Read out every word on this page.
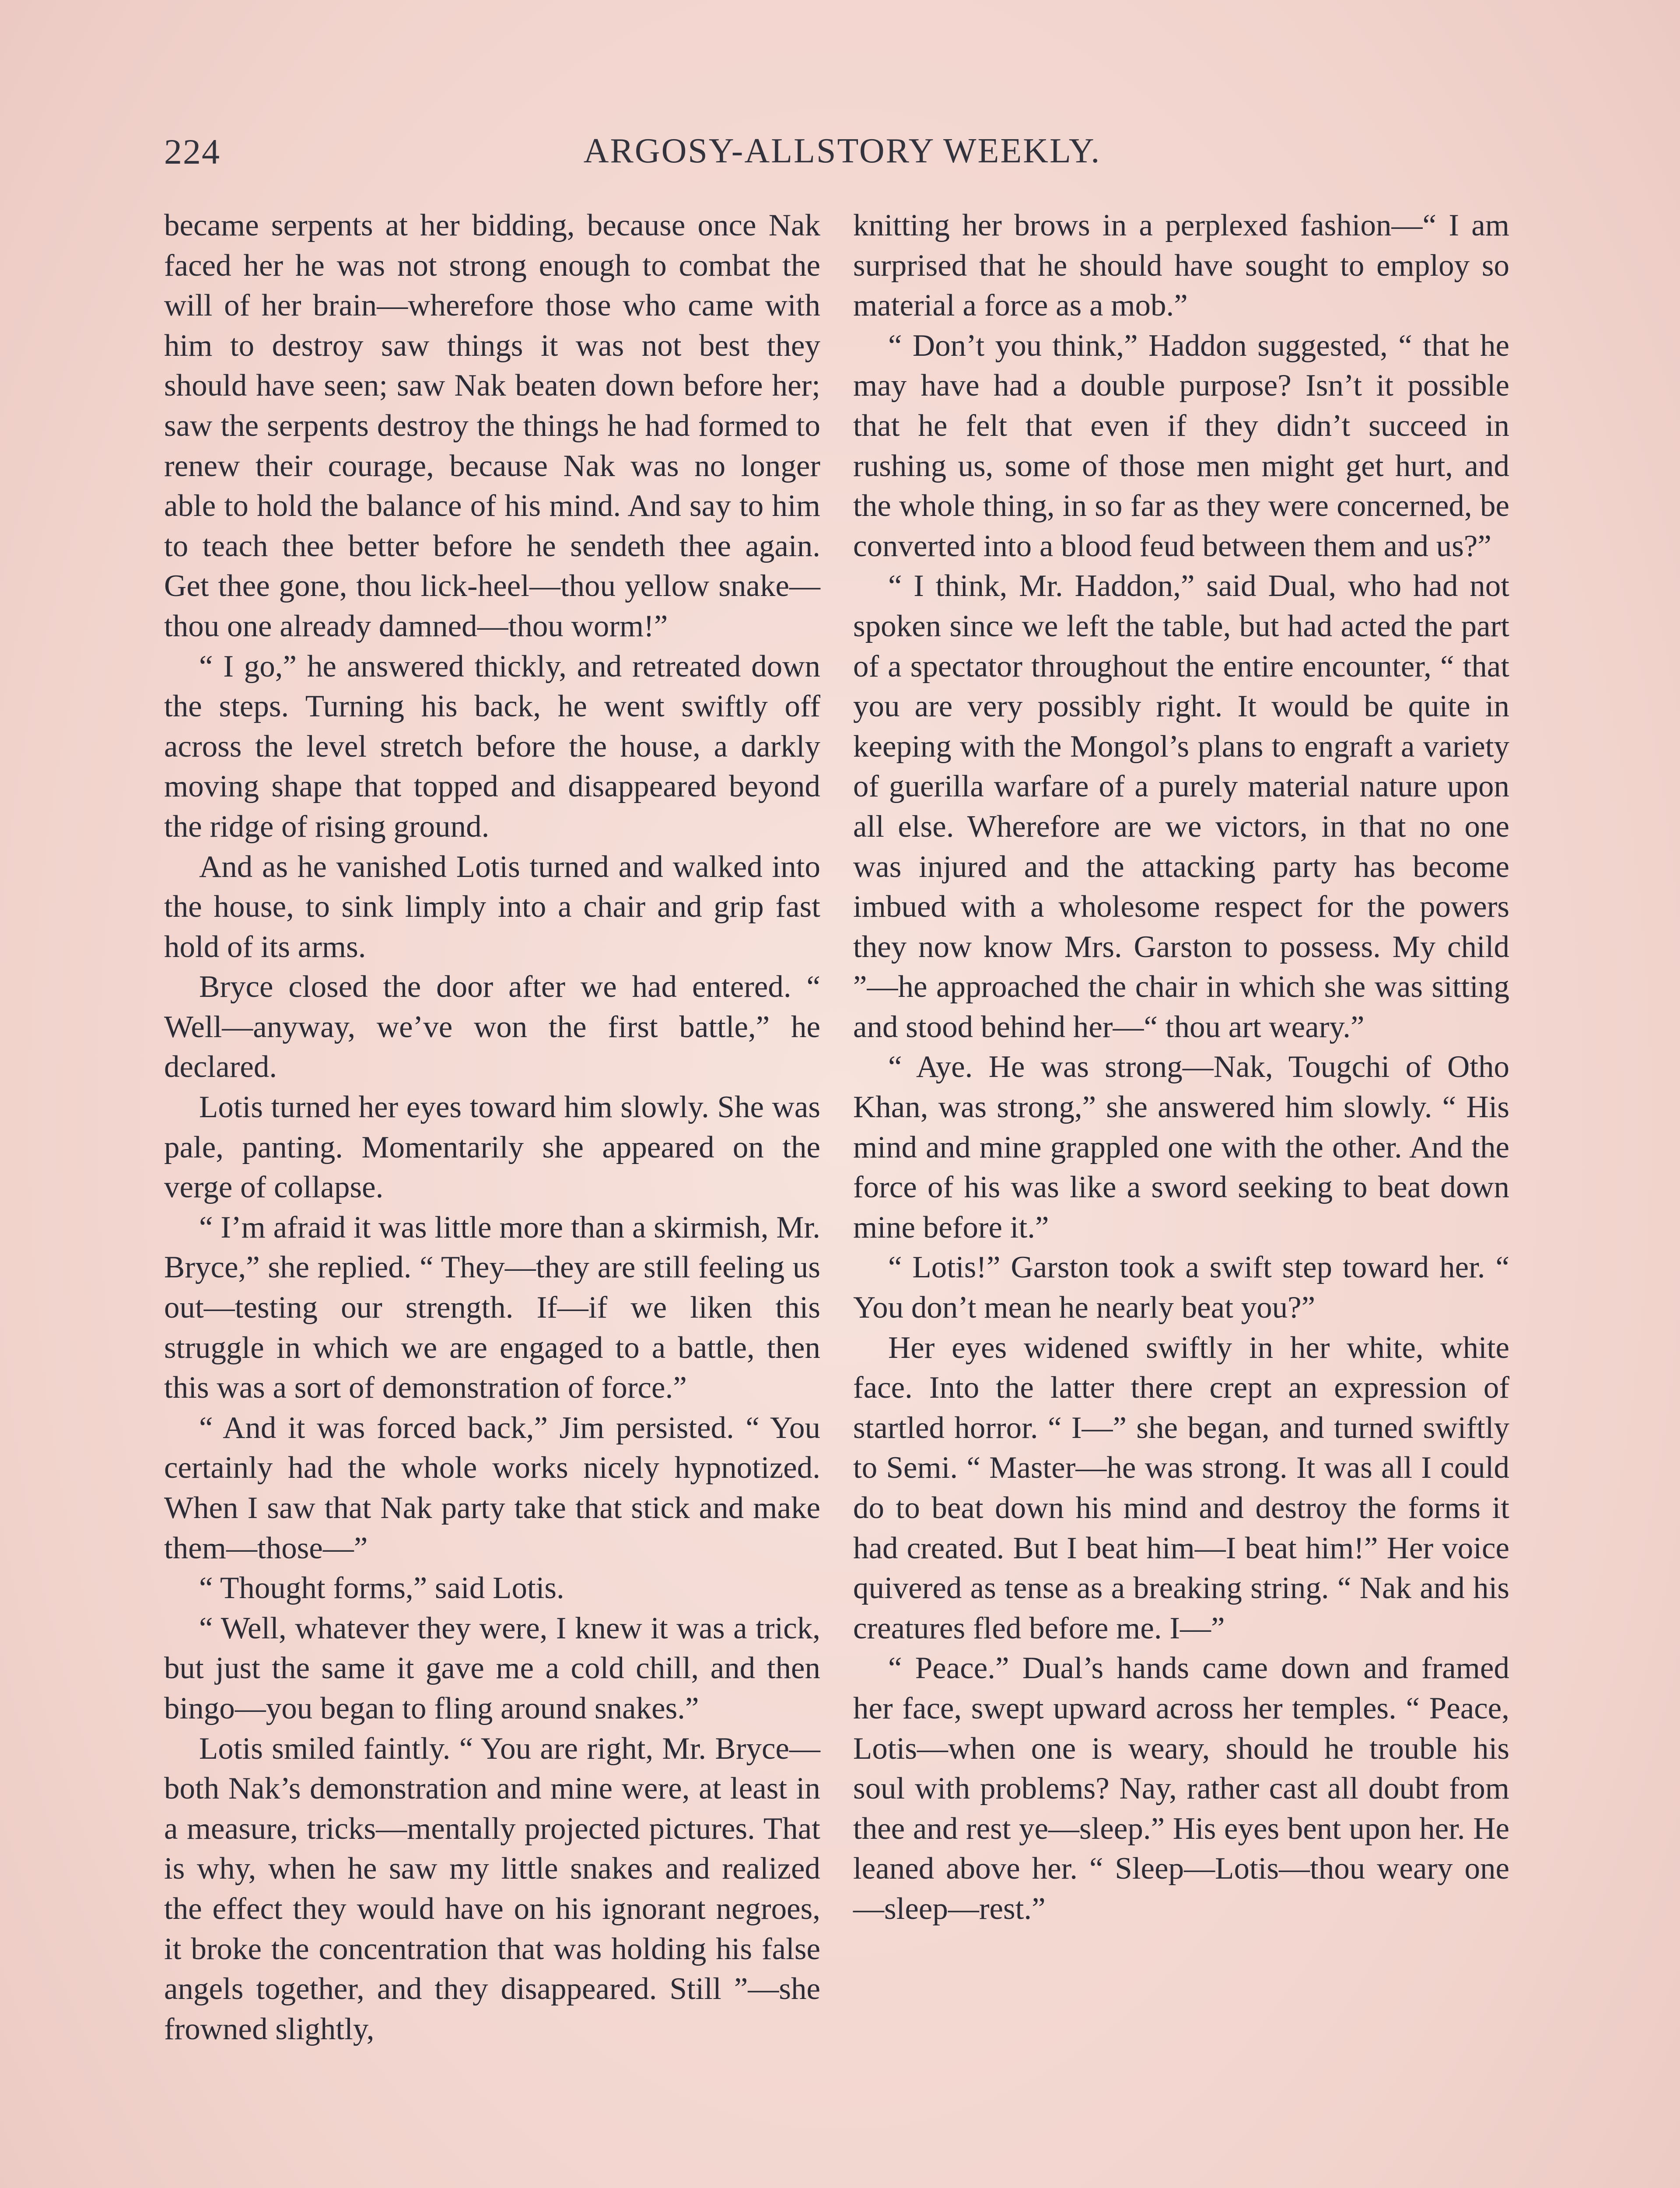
224	ARGOSY-ALLSTORY WEEKLY.

became serpents at her bidding, because once Nak faced her he was not strong enough to combat the will of her brain—wherefore those who came with him to destroy saw things it was not best they should have seen; saw Nak beaten down before her; saw the serpents destroy the things he had formed to renew their courage, because Nak was no longer able to hold the balance of his mind. And say to him to teach thee better before he sendeth thee again. Get thee gone, thou lick-heel—thou yellow snake—thou one already damned—thou worm!”

“ I go,” he answered thickly, and retreated down the steps. Turning his back, he went swiftly off across the level stretch before the house, a darkly moving shape that topped and disappeared beyond the ridge of rising ground.

And as he vanished Lotis turned and walked into the house, to sink limply into a chair and grip fast hold of its arms.

Bryce closed the door after we had entered. “ Well—anyway, we’ve won the first battle,” he declared.

Lotis turned her eyes toward him slowly. She was pale, panting. Momentarily she appeared on the verge of collapse.

“ I’m afraid it was little more than a skirmish, Mr. Bryce,” she replied. “ They—they are still feeling us out—testing our strength. If—if we liken this struggle in which we are engaged to a battle, then this was a sort of demonstration of force.”

“ And it was forced back,” Jim persisted. “ You certainly had the whole works nicely hypnotized. When I saw that Nak party take that stick and make them—those—”

“ Thought forms,” said Lotis.

“ Well, whatever they were, I knew it was a trick, but just the same it gave me a cold chill, and then bingo—you began to fling around snakes.”

Lotis smiled faintly. “ You are right, Mr. Bryce—both Nak’s demonstration and mine were, at least in a measure, tricks—mentally projected pictures. That is why, when he saw my little snakes and realized the effect they would have on his ignorant negroes, it broke the concentration that was holding his false angels together, and they disappeared. Still ”—she frowned slightly,

knitting her brows in a perplexed fashion—“ I am surprised that he should have sought to employ so material a force as a mob.”

“ Don’t you think,” Haddon suggested, “ that he may have had a double purpose? Isn’t it possible that he felt that even if they didn’t succeed in rushing us, some of those men might get hurt, and the whole thing, in so far as they were concerned, be converted into a blood feud between them and us?”

“ I think, Mr. Haddon,” said Dual, who had not spoken since we left the table, but had acted the part of a spectator throughout the entire encounter, “ that you are very possibly right. It would be quite in keeping with the Mongol’s plans to engraft a variety of guerilla warfare of a purely material nature upon all else. Wherefore are we victors, in that no one was injured and the attacking party has become imbued with a wholesome respect for the powers they now know Mrs. Garston to possess. My child ”—he approached the chair in which she was sitting and stood behind her—“ thou art weary.”

“ Aye. He was strong—Nak, Tougchi of Otho Khan, was strong,” she answered him slowly. “ His mind and mine grappled one with the other. And the force of his was like a sword seeking to beat down mine before it.”

“ Lotis!” Garston took a swift step toward her. “ You don’t mean he nearly beat you?”

Her eyes widened swiftly in her white, white face. Into the latter there crept an expression of startled horror. “ I—” she began, and turned swiftly to Semi. “ Master—he was strong. It was all I could do to beat down his mind and destroy the forms it had created. But I beat him—I beat him!” Her voice quivered as tense as a breaking string. “ Nak and his creatures fled before me. I—”

“ Peace.” Dual’s hands came down and framed her face, swept upward across her temples. “ Peace, Lotis—when one is weary, should he trouble his soul with problems? Nay, rather cast all doubt from thee and rest ye—sleep.” His eyes bent upon her. He leaned above her. “ Sleep—Lotis—thou weary one—sleep—rest.”
